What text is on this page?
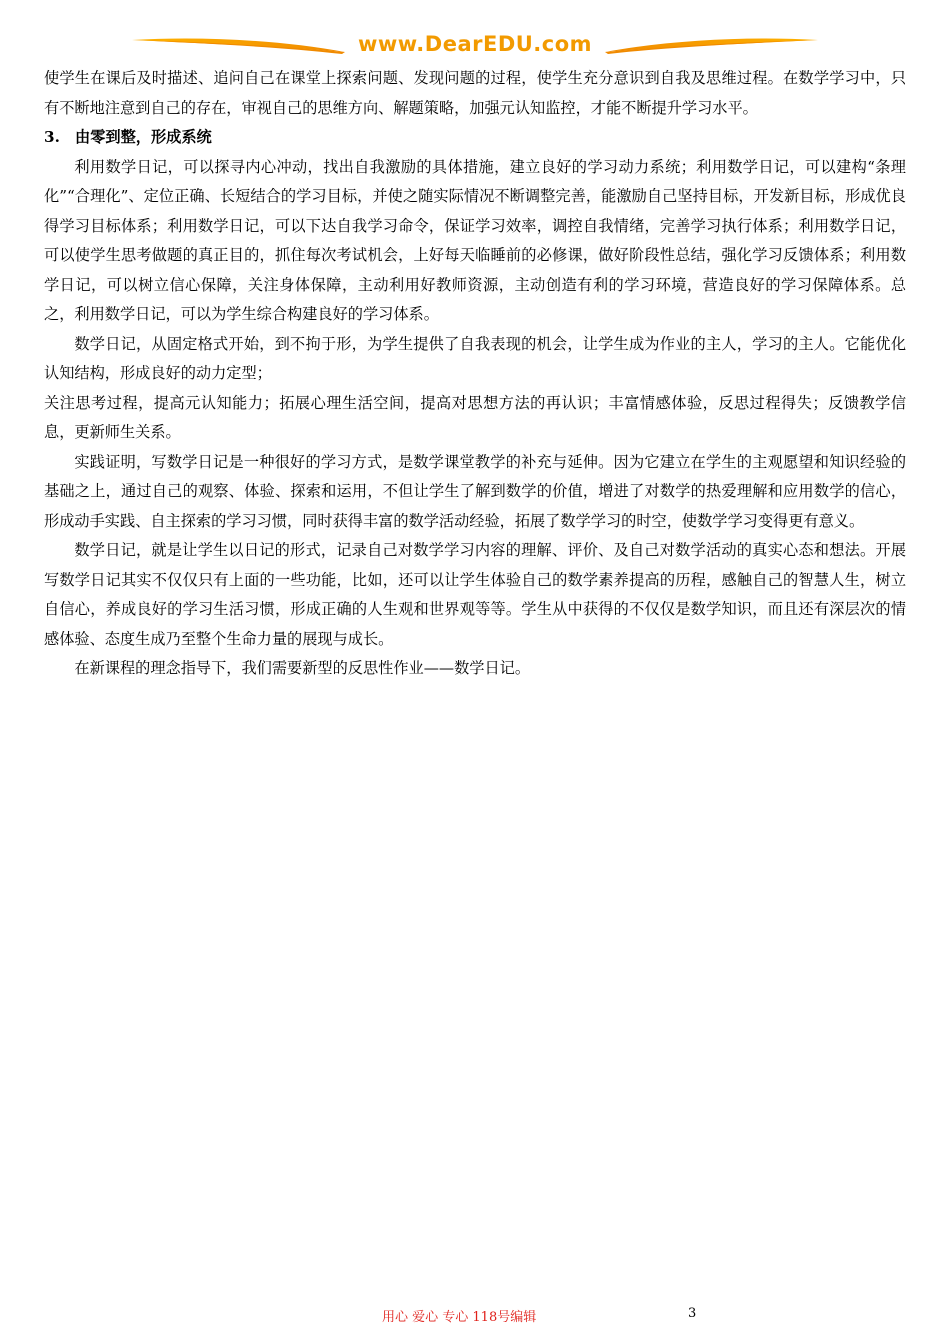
www.DearEDU.com

使学生在课后及时描述、追问自己在课堂上探索问题、发现问题的过程，使学生充分意识到自我及思维过程。在数学学习中，只有不断地注意到自己的存在，审视自己的思维方向、解题策略，加强元认知监控，才能不断提升学习水平。

3.　由零到整，形成系统

利用数学日记，可以探寻内心冲动，找出自我激励的具体措施，建立良好的学习动力系统；利用数学日记，可以建构“条理化”“合理化”、定位正确、长短结合的学习目标，并使之随实际情况不断调整完善，能激励自己坚持目标，开发新目标，形成优良得学习目标体系；利用数学日记，可以下达自我学习命令，保证学习效率，调控自我情绪，完善学习执行体系；利用数学日记，可以使学生思考做题的真正目的，抓住每次考试机会，上好每天临睡前的必修课，做好阶段性总结，强化学习反馈体系；利用数学日记，可以树立信心保障，关注身体保障，主动利用好教师资源，主动创造有利的学习环境，营造良好的学习保障体系。总之，利用数学日记，可以为学生综合构建良好的学习体系。

数学日记，从固定格式开始，到不拘于形，为学生提供了自我表现的机会，让学生成为作业的主人，学习的主人。它能优化认知结构，形成良好的动力定型；

关注思考过程，提高元认知能力；拓展心理生活空间，提高对思想方法的再认识；丰富情感体验，反思过程得失；反馈教学信息，更新师生关系。

实践证明，写数学日记是一种很好的学习方式，是数学课堂教学的补充与延伸。因为它建立在学生的主观愿望和知识经验的基础之上，通过自己的观察、体验、探索和运用，不但让学生了解到数学的价值，增进了对数学的热爱理解和应用数学的信心，形成动手实践、自主探索的学习习惯，同时获得丰富的数学活动经验，拓展了数学学习的时空，使数学学习变得更有意义。

数学日记，就是让学生以日记的形式，记录自己对数学学习内容的理解、评价、及自己对数学活动的真实心态和想法。开展写数学日记其实不仅仅只有上面的一些功能，比如，还可以让学生体验自己的数学素养提高的历程，感触自己的智慧人生，树立自信心，养成良好的学习生活习惯，形成正确的人生观和世界观等等。学生从中获得的不仅仅是数学知识，而且还有深层次的情感体验、态度生成乃至整个生命力量的展现与成长。

在新课程的理念指导下，我们需要新型的反思性作业——数学日记。

用心 爱心 专心 118号编辑	3
